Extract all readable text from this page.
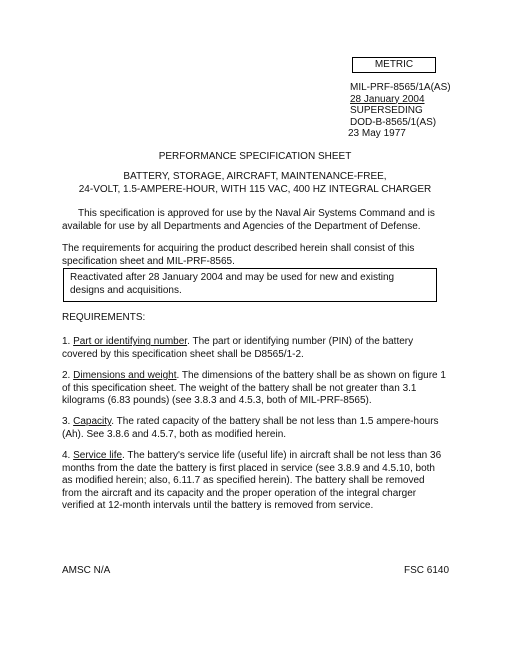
METRIC
MIL-PRF-8565/1A(AS)
28 January 2004
SUPERSEDING
DOD-B-8565/1(AS)
23 May 1977
PERFORMANCE SPECIFICATION SHEET
BATTERY, STORAGE, AIRCRAFT, MAINTENANCE-FREE,
24-VOLT, 1.5-AMPERE-HOUR, WITH 115 VAC, 400 HZ INTEGRAL CHARGER
This specification is approved for use by the Naval Air Systems Command and is available for use by all Departments and Agencies of the Department of Defense.
The requirements for acquiring the product described herein shall consist of this specification sheet and MIL-PRF-8565.
Reactivated after 28 January 2004 and may be used for new and existing designs and acquisitions.
REQUIREMENTS:
1. Part or identifying number. The part or identifying number (PIN) of the battery covered by this specification sheet shall be D8565/1-2.
2. Dimensions and weight. The dimensions of the battery shall be as shown on figure 1 of this specification sheet. The weight of the battery shall be not greater than 3.1 kilograms (6.83 pounds) (see 3.8.3 and 4.5.3, both of MIL-PRF-8565).
3. Capacity. The rated capacity of the battery shall be not less than 1.5 ampere-hours (Ah). See 3.8.6 and 4.5.7, both as modified herein.
4. Service life. The battery's service life (useful life) in aircraft shall be not less than 36 months from the date the battery is first placed in service (see 3.8.9 and 4.5.10, both as modified herein; also, 6.11.7 as specified herein). The battery shall be removed from the aircraft and its capacity and the proper operation of the integral charger verified at 12-month intervals until the battery is removed from service.
AMSC N/A	FSC 6140
